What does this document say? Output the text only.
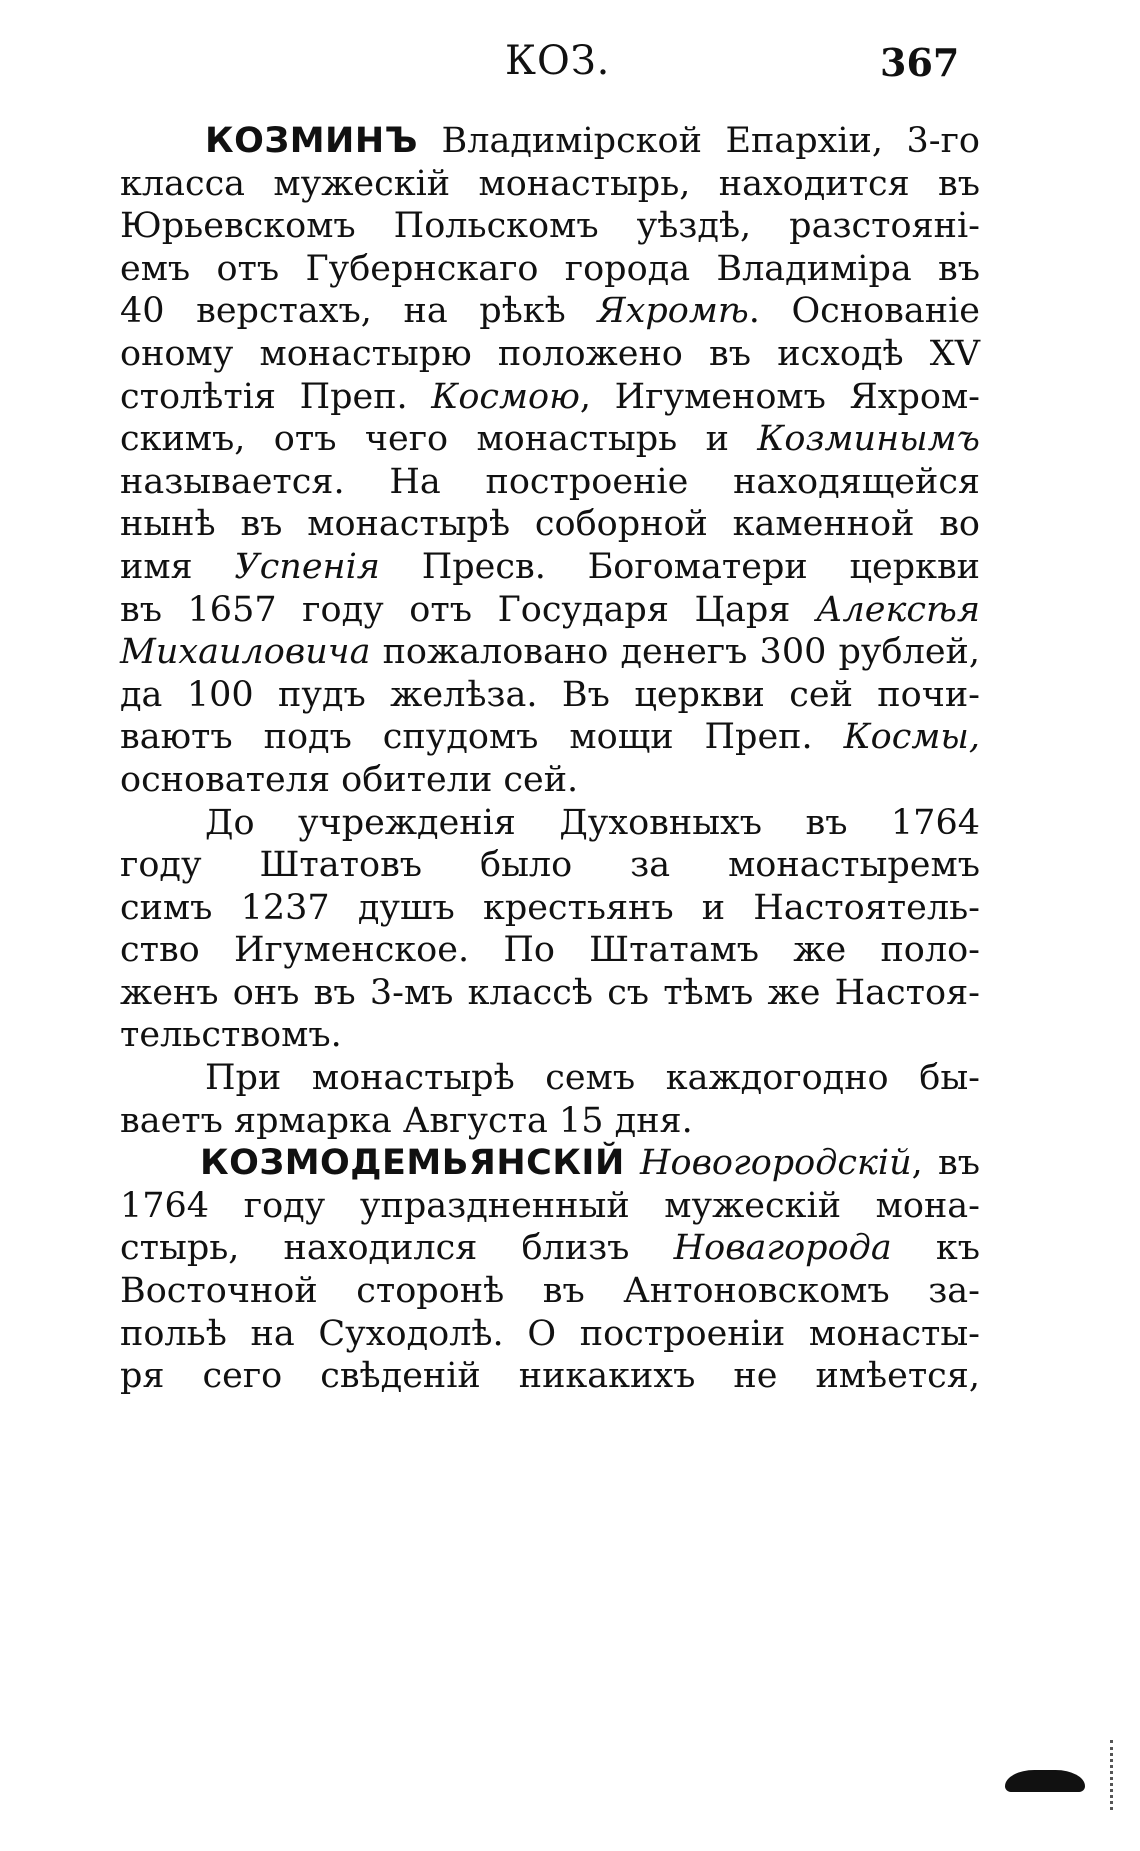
КОЗ.	367
КОЗМИНЪ Владимірской Епархіи, 3-го
класса мужескій монастырь, находится въ
Юрьевскомъ Польскомъ уѣздѣ, разстояні-
емъ отъ Губернскаго города Владиміра въ
40 верстахъ, на рѣкѣ Яхромѣ. Основаніе
оному монастырю положено въ исходѣ XV
столѣтія Преп. Космою, Игуменомъ Яхром-
скимъ, отъ чего монастырь и Козминымъ
называется. На построеніе находящейся
нынѣ въ монастырѣ соборной каменной во
имя Успенія Пресв. Богоматери церкви
въ 1657 году отъ Государя Царя Алексѣя
Михаиловича пожаловано денегъ 300 рублей,
да 100 пудъ желѣза. Въ церкви сей почи-
ваютъ подъ спудомъ мощи Преп. Космы,
основателя обители сей.
До учрежденія Духовныхъ въ 1764
году Штатовъ было за монастыремъ
симъ 1237 душъ крестьянъ и Настоятель-
ство Игуменское. По Штатамъ же поло-
женъ онъ въ 3-мъ классѣ съ тѣмъ же Настоя-
тельствомъ.
При монастырѣ семъ каждогодно бы-
ваетъ ярмарка Августа 15 дня.
КОЗМОДЕМЬЯНСКІЙ Новогородскій, въ
1764 году упраздненный мужескій мона-
стырь, находился близъ Новагорода къ
Восточной сторонѣ въ Антоновскомъ за-
польѣ на Суходолѣ. О построеніи монасты-
ря сего свѣденій никакихъ не имѣется,
